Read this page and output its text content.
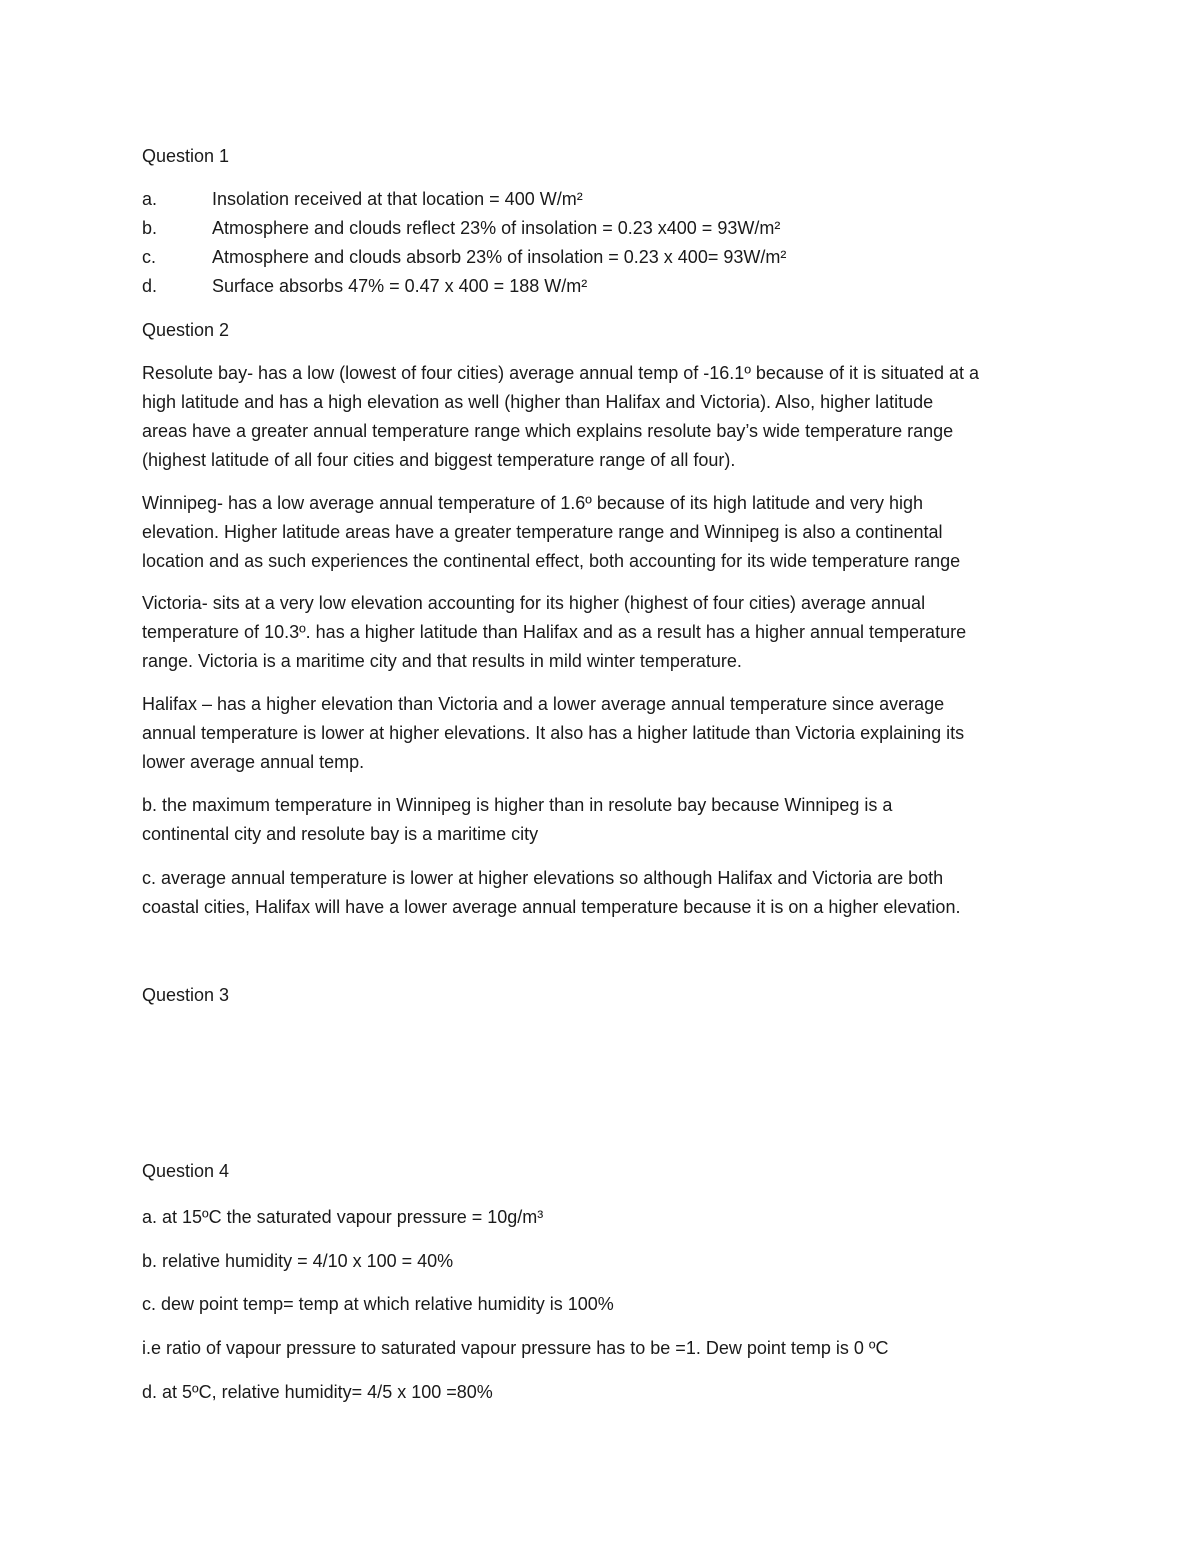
Question 1
a.	Insolation received at that location = 400 W/m²
b.	Atmosphere and clouds reflect 23% of insolation = 0.23 x400 = 93W/m²
c.	Atmosphere and clouds absorb 23% of insolation = 0.23 x 400= 93W/m²
d.	Surface absorbs 47% = 0.47 x 400 = 188 W/m²
Question 2
Resolute bay- has a low (lowest of four cities) average annual temp of -16.1º because of it is situated at a
high latitude and has a high elevation as well (higher than Halifax and Victoria). Also, higher latitude
areas have a greater annual temperature range which explains resolute bay’s wide temperature range
(highest latitude of all four cities and biggest temperature range of all four).
Winnipeg- has a low average annual temperature of 1.6º because of its high latitude and very high
elevation. Higher latitude areas have a greater temperature range and Winnipeg is also a continental
location and as such experiences the continental effect, both accounting for its wide temperature range
Victoria- sits at a very low elevation accounting for its higher (highest of four cities) average annual
temperature of 10.3º. has a higher latitude than Halifax and as a result has a higher annual temperature
range. Victoria is a maritime city and that results in mild winter temperature.
Halifax – has a higher elevation than Victoria and a lower average annual temperature since average
annual temperature is lower at higher elevations. It also has a higher latitude than Victoria explaining its
lower average annual temp.
b. the maximum temperature in Winnipeg is higher than in resolute bay because Winnipeg is a
continental city and resolute bay is a maritime city
c. average annual temperature is lower at higher elevations so although Halifax and Victoria are both
coastal cities, Halifax will have a lower average annual temperature because it is on a higher elevation.
Question 3
Question 4
a. at 15ºC the saturated vapour pressure = 10g/m³
b. relative humidity = 4/10 x 100 = 40%
c. dew point temp= temp at which relative humidity is 100%
i.e ratio of vapour pressure to saturated vapour pressure has to be =1. Dew point temp is 0 ºC
d. at 5ºC, relative humidity= 4/5 x 100 =80%
